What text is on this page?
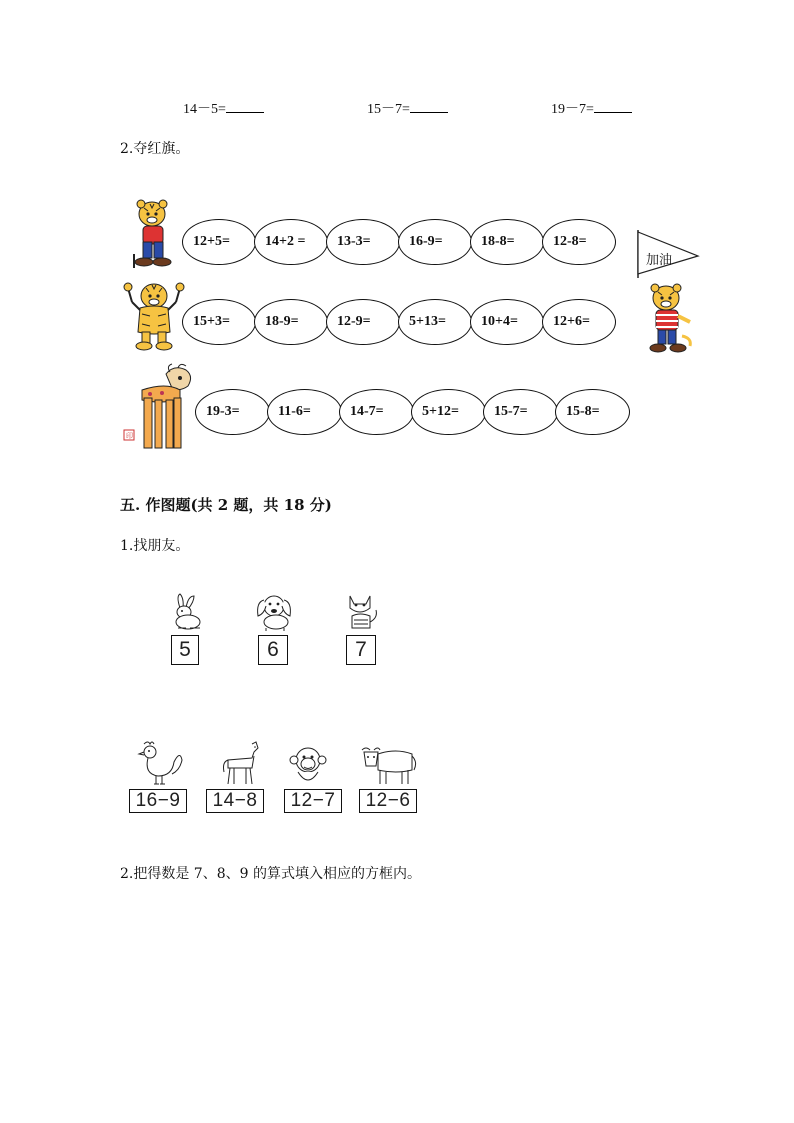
14－5=	15－7=	19－7=
2.夺红旗。
印
12+5=	14+2 =	13-3=	16-9=	18-8=	12-8=
15+3=	18-9=	12-9=	5+13=	10+4=	12+6=
19-3=	11-6=	14-7=	5+12=	15-7=	15-8=
加油
五. 作图题(共 2 题，共 18 分)
1.找朋友。
5	6	7
16−9	14−8	12−7	12−6
2.把得数是 7、8、9 的算式填入相应的方框内。
